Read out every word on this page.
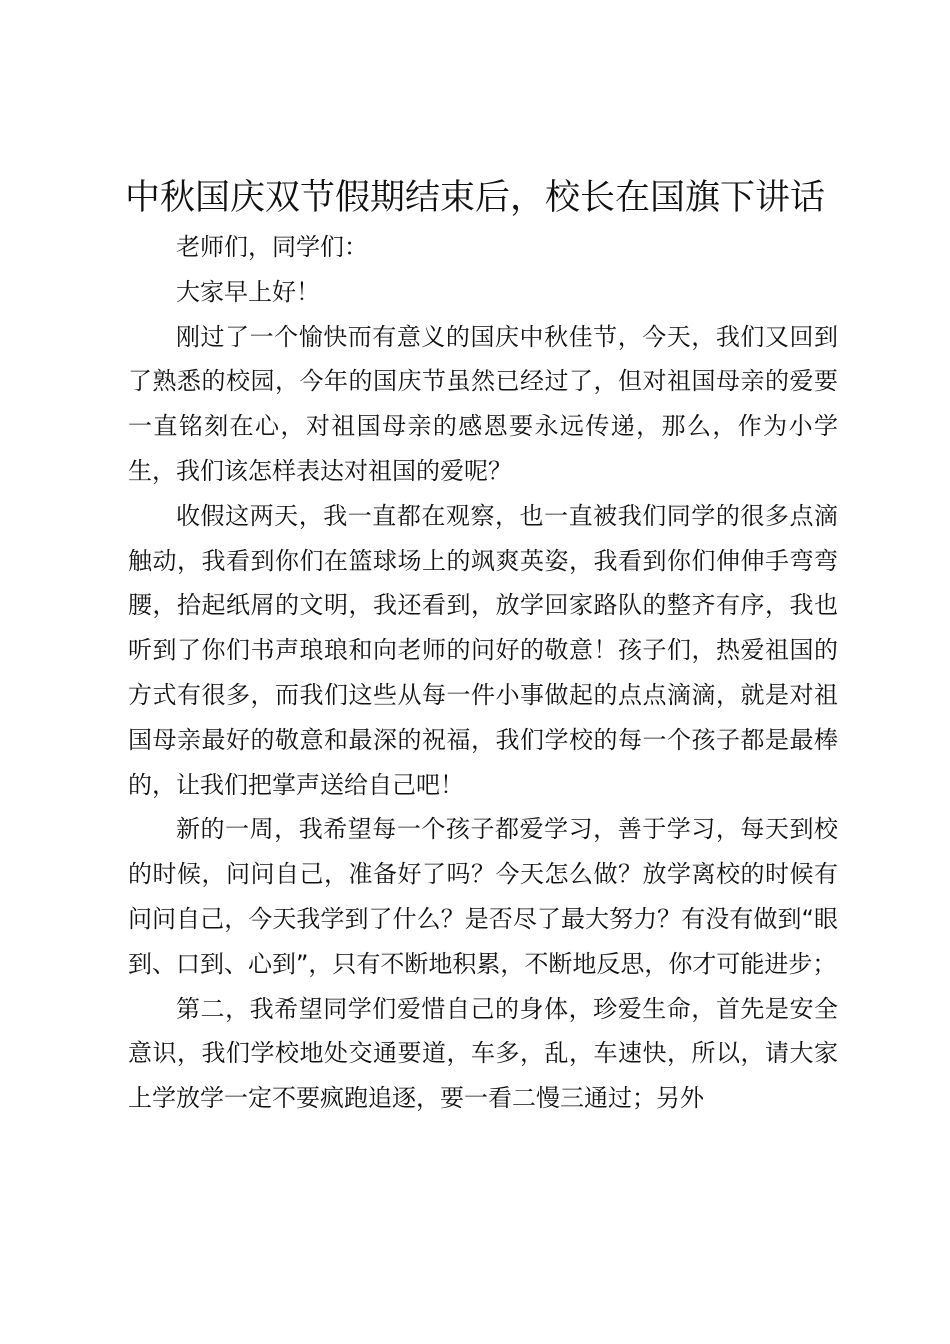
中秋国庆双节假期结束后，校长在国旗下讲话

老师们，同学们：

大家早上好！

刚过了一个愉快而有意义的国庆中秋佳节，今天，我们又回到了熟悉的校园，今年的国庆节虽然已经过了，但对祖国母亲的爱要一直铭刻在心，对祖国母亲的感恩要永远传递，那么，作为小学生，我们该怎样表达对祖国的爱呢？

收假这两天，我一直都在观察，也一直被我们同学的很多点滴触动，我看到你们在篮球场上的飒爽英姿，我看到你们伸伸手弯弯腰，拾起纸屑的文明，我还看到，放学回家路队的整齐有序，我也听到了你们书声琅琅和向老师的问好的敬意！孩子们，热爱祖国的方式有很多，而我们这些从每一件小事做起的点点滴滴，就是对祖国母亲最好的敬意和最深的祝福，我们学校的每一个孩子都是最棒的，让我们把掌声送给自己吧！

新的一周，我希望每一个孩子都爱学习，善于学习，每天到校的时候，问问自己，准备好了吗？今天怎么做？放学离校的时候有问问自己，今天我学到了什么？是否尽了最大努力？有没有做到“眼到、口到、心到”，只有不断地积累，不断地反思，你才可能进步；

第二，我希望同学们爱惜自己的身体，珍爱生命，首先是安全意识，我们学校地处交通要道，车多，乱，车速快，所以，请大家上学放学一定不要疯跑追逐，要一看二慢三通过；另外
